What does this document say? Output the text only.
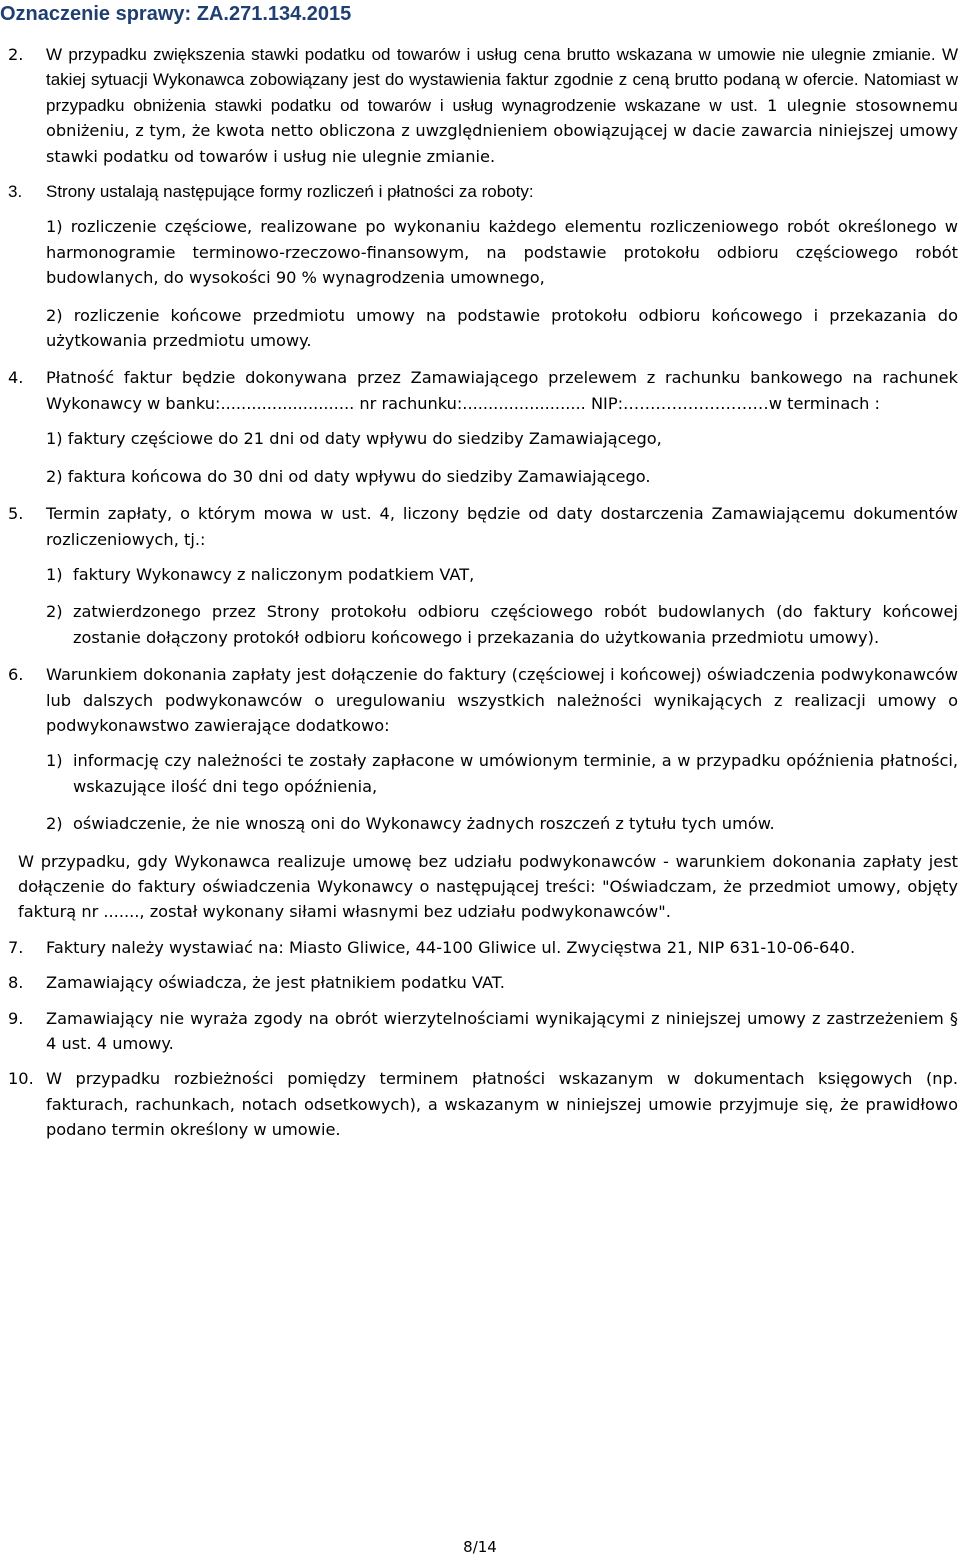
Oznaczenie sprawy: ZA.271.134.2015
2. W przypadku zwiększenia stawki podatku od towarów i usług cena brutto wskazana w umowie nie ulegnie zmianie. W takiej sytuacji Wykonawca zobowiązany jest do wystawienia faktur zgodnie z ceną brutto podaną w ofercie. Natomiast w przypadku obniżenia stawki podatku od towarów i usług wynagrodzenie wskazane w ust. 1 ulegnie stosownemu obniżeniu, z tym, że kwota netto obliczona z uwzględnieniem obowiązującej w dacie zawarcia niniejszej umowy stawki podatku od towarów i usług nie ulegnie zmianie.
3. Strony ustalają następujące formy rozliczeń i płatności za roboty:
1) rozliczenie częściowe, realizowane po wykonaniu każdego elementu rozliczeniowego robót określonego w harmonogramie terminowo-rzeczowo-finansowym, na podstawie protokołu odbioru częściowego robót budowlanych, do wysokości 90 % wynagrodzenia umownego,
2) rozliczenie końcowe przedmiotu umowy na podstawie protokołu odbioru końcowego i przekazania do użytkowania przedmiotu umowy.
4. Płatność faktur będzie dokonywana przez Zamawiającego przelewem z rachunku bankowego na rachunek Wykonawcy w banku:.......................... nr rachunku:........................ NIP:………………………w terminach :
1) faktury częściowe do 21 dni od daty wpływu do siedziby Zamawiającego,
2) faktura końcowa do 30 dni od daty wpływu do siedziby Zamawiającego.
5. Termin zapłaty, o którym mowa w ust. 4, liczony będzie od daty dostarczenia Zamawiającemu dokumentów rozliczeniowych, tj.:
1) faktury Wykonawcy z naliczonym podatkiem VAT,
2) zatwierdzonego przez Strony protokołu odbioru częściowego robót budowlanych (do faktury końcowej zostanie dołączony protokół odbioru końcowego i przekazania do użytkowania przedmiotu umowy).
6. Warunkiem dokonania zapłaty jest dołączenie do faktury (częściowej i końcowej) oświadczenia podwykonawców lub dalszych podwykonawców o uregulowaniu wszystkich należności wynikających z realizacji umowy o podwykonawstwo zawierające dodatkowo:
1) informację czy należności te zostały zapłacone w umówionym terminie, a w przypadku opóźnienia płatności, wskazujące ilość dni tego opóźnienia,
2) oświadczenie, że nie wnoszą oni do Wykonawcy żadnych roszczeń z tytułu tych umów.
W przypadku, gdy Wykonawca realizuje umowę bez udziału podwykonawców - warunkiem dokonania zapłaty jest dołączenie do faktury oświadczenia Wykonawcy o następującej treści: "Oświadczam, że przedmiot umowy, objęty fakturą nr ......., został wykonany siłami własnymi bez udziału podwykonawców".
7. Faktury należy wystawiać na: Miasto Gliwice, 44-100 Gliwice ul. Zwycięstwa 21, NIP 631-10-06-640.
8. Zamawiający oświadcza, że jest płatnikiem podatku VAT.
9. Zamawiający nie wyraża zgody na obrót wierzytelnościami wynikającymi z niniejszej umowy z zastrzeżeniem § 4 ust. 4 umowy.
10. W przypadku rozbieżności pomiędzy terminem płatności wskazanym w dokumentach księgowych (np. fakturach, rachunkach, notach odsetkowych), a wskazanym w niniejszej umowie przyjmuje się, że prawidłowo podano termin określony w umowie.
8/14
